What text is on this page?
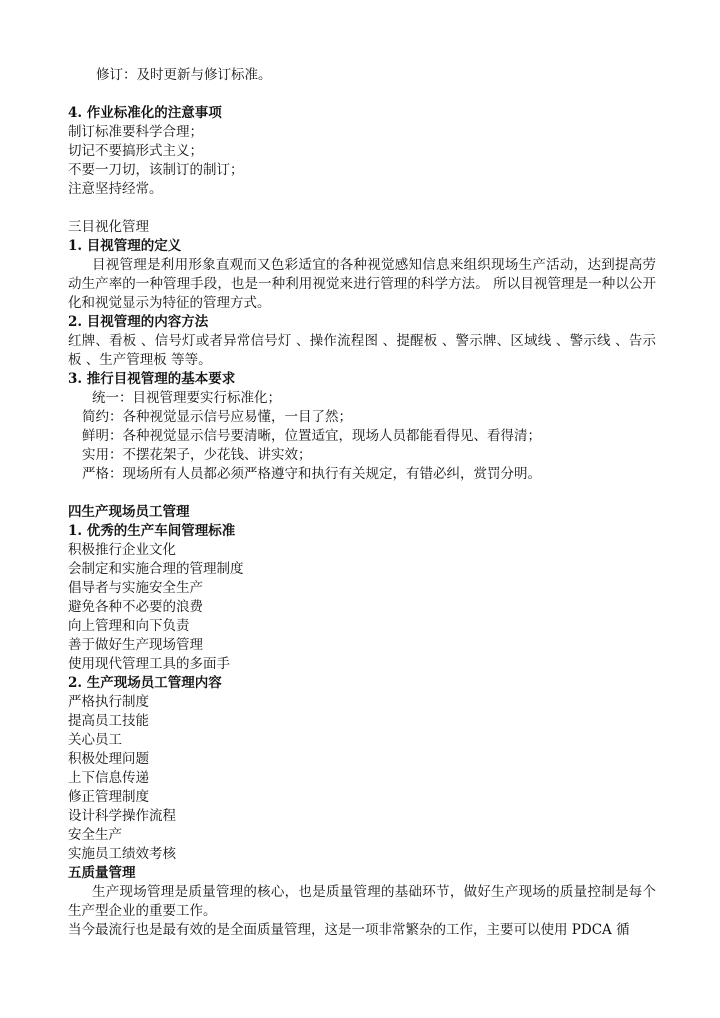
修订：及时更新与修订标准。
4. 作业标准化的注意事项
制订标准要科学合理；
切记不要搞形式主义；
不要一刀切，该制订的制订；
注意坚持经常。
三目视化管理
1. 目视管理的定义

目视管理是利用形象直观而又色彩适宜的各种视觉感知信息来组织现场生产活动，达到提高劳动生产率的一种管理手段，也是一种利用视觉来进行管理的科学方法。 所以目视管理是一种以公开化和视觉显示为特征的管理方式。

2. 目视管理的内容方法

红牌、看板 、信号灯或者异常信号灯 、操作流程图 、提醒板 、警示牌、区域线 、警示线 、告示板 、生产管理板 等等。

3. 推行目视管理的基本要求
统一：目视管理要实行标准化；
简约：各种视觉显示信号应易懂，一目了然；
鲜明：各种视觉显示信号要清晰，位置适宜，现场人员都能看得见、看得清；
实用：不摆花架子，少花钱、讲实效；
严格：现场所有人员都必须严格遵守和执行有关规定，有错必纠，赏罚分明。
四生产现场员工管理
1. 优秀的生产车间管理标准
积极推行企业文化
会制定和实施合理的管理制度
倡导者与实施安全生产
避免各种不必要的浪费
向上管理和向下负责
善于做好生产现场管理
使用现代管理工具的多面手
2. 生产现场员工管理内容
严格执行制度
提高员工技能
关心员工
积极处理问题
上下信息传递
修正管理制度
设计科学操作流程
安全生产
实施员工绩效考核
五质量管理

生产现场管理是质量管理的核心，也是质量管理的基础环节，做好生产现场的质量控制是每个生产型企业的重要工作。

当今最流行也是最有效的是全面质量管理，这是一项非常繁杂的工作，主要可以使用 PDCA 循
